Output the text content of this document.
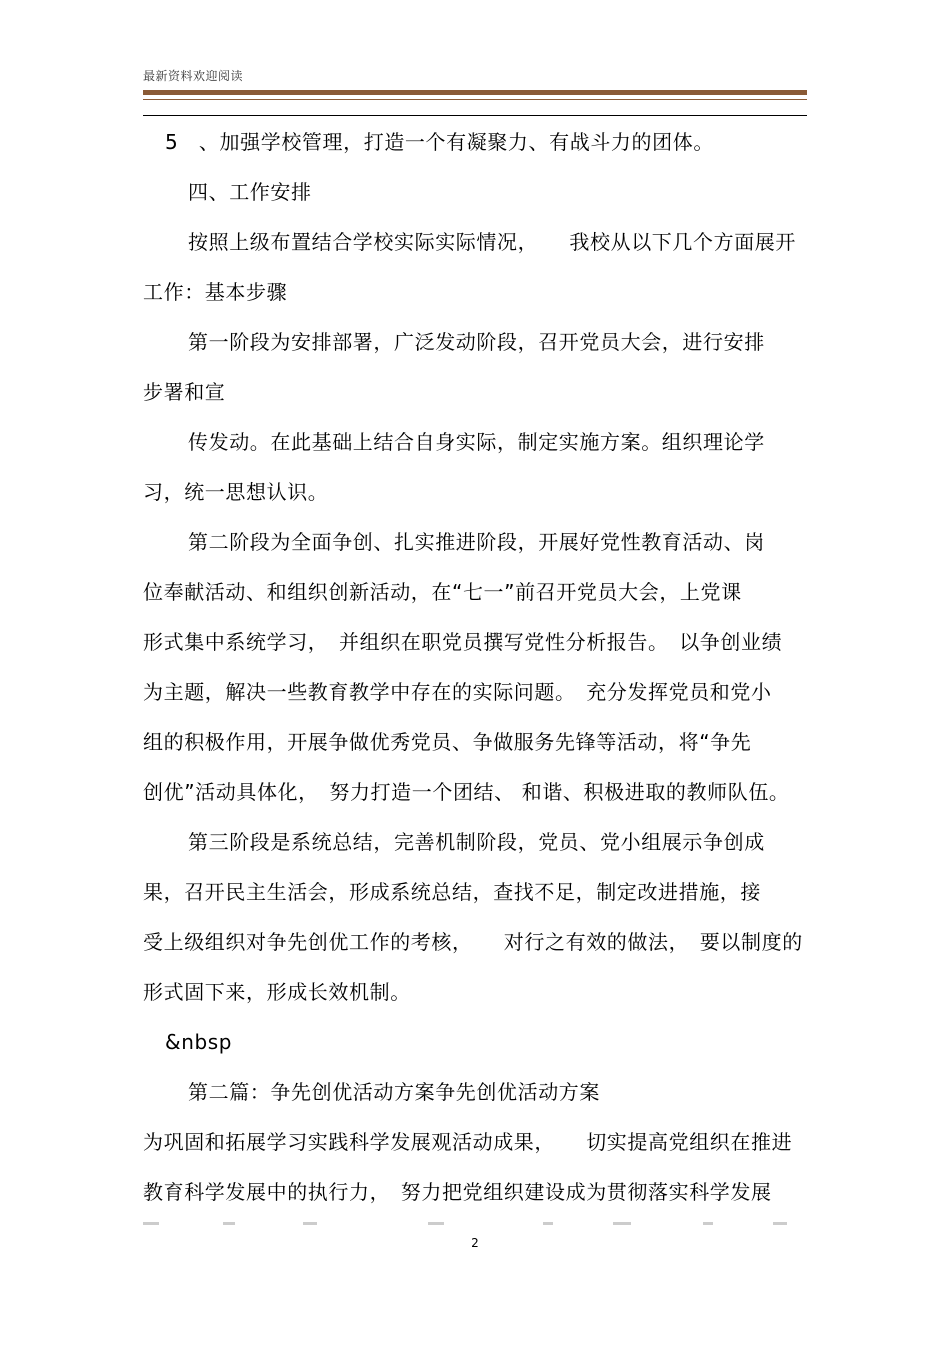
最新资料欢迎阅读
5　、加强学校管理，打造一个有凝聚力、有战斗力的团体。
四、工作安排
按照上级布置结合学校实际实际情况，　　我校从以下几个方面展开
工作：基本步骤
第一阶段为安排部署，广泛发动阶段，召开党员大会，进行安排
步署和宣
传发动。在此基础上结合自身实际，制定实施方案。组织理论学
习，统一思想认识。
第二阶段为全面争创、扎实推进阶段，开展好党性教育活动、岗
位奉献活动、和组织创新活动，在“七一”前召开党员大会，上党课
形式集中系统学习，　并组织在职党员撰写党性分析报告。　以争创业绩
为主题，解决一些教育教学中存在的实际问题。　充分发挥党员和党小
组的积极作用，开展争做优秀党员、争做服务先锋等活动，将“争先
创优”活动具体化，　努力打造一个团结、 和谐、积极进取的教师队伍。
第三阶段是系统总结，完善机制阶段，党员、党小组展示争创成
果，召开民主生活会，形成系统总结，查找不足，制定改进措施，接
受上级组织对争先创优工作的考核，　　对行之有效的做法，　要以制度的
形式固下来，形成长效机制。
&nbsp
第二篇：争先创优活动方案争先创优活动方案
为巩固和拓展学习实践科学发展观活动成果，　　切实提高党组织在推进
教育科学发展中的执行力，　努力把党组织建设成为贯彻落实科学发展
2
